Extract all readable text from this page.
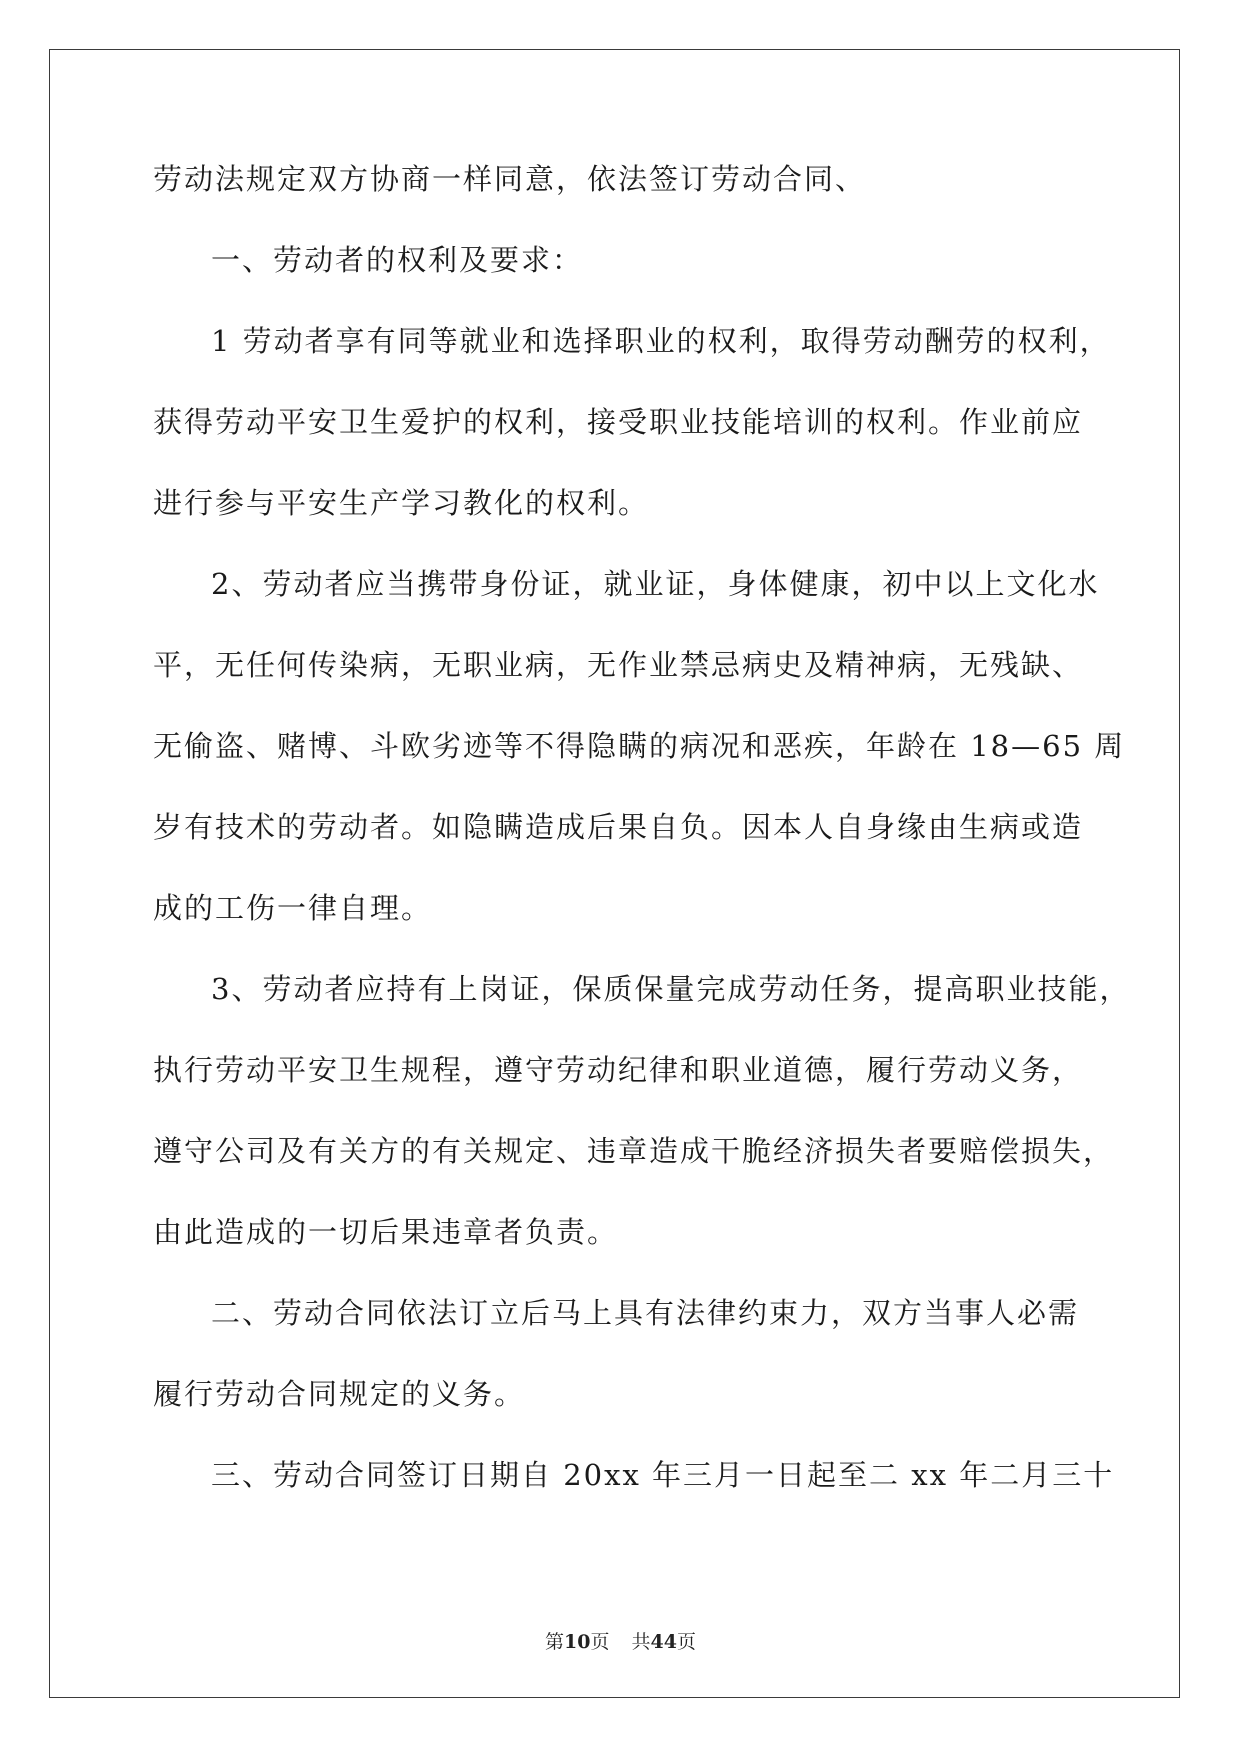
劳动法规定双方协商一样同意，依法签订劳动合同、
一、劳动者的权利及要求：
1 劳动者享有同等就业和选择职业的权利，取得劳动酬劳的权利，
获得劳动平安卫生爱护的权利，接受职业技能培训的权利。作业前应
进行参与平安生产学习教化的权利。
2、劳动者应当携带身份证，就业证，身体健康，初中以上文化水
平，无任何传染病，无职业病，无作业禁忌病史及精神病，无残缺、
无偷盗、赌博、斗欧劣迹等不得隐瞒的病况和恶疾，年龄在 18—65 周
岁有技术的劳动者。如隐瞒造成后果自负。因本人自身缘由生病或造
成的工伤一律自理。
3、劳动者应持有上岗证，保质保量完成劳动任务，提高职业技能，
执行劳动平安卫生规程，遵守劳动纪律和职业道德，履行劳动义务，
遵守公司及有关方的有关规定、违章造成干脆经济损失者要赔偿损失，
由此造成的一切后果违章者负责。
二、劳动合同依法订立后马上具有法律约束力，双方当事人必需
履行劳动合同规定的义务。
三、劳动合同签订日期自 20xx 年三月一日起至二 xx 年二月三十
第10页 共44页
